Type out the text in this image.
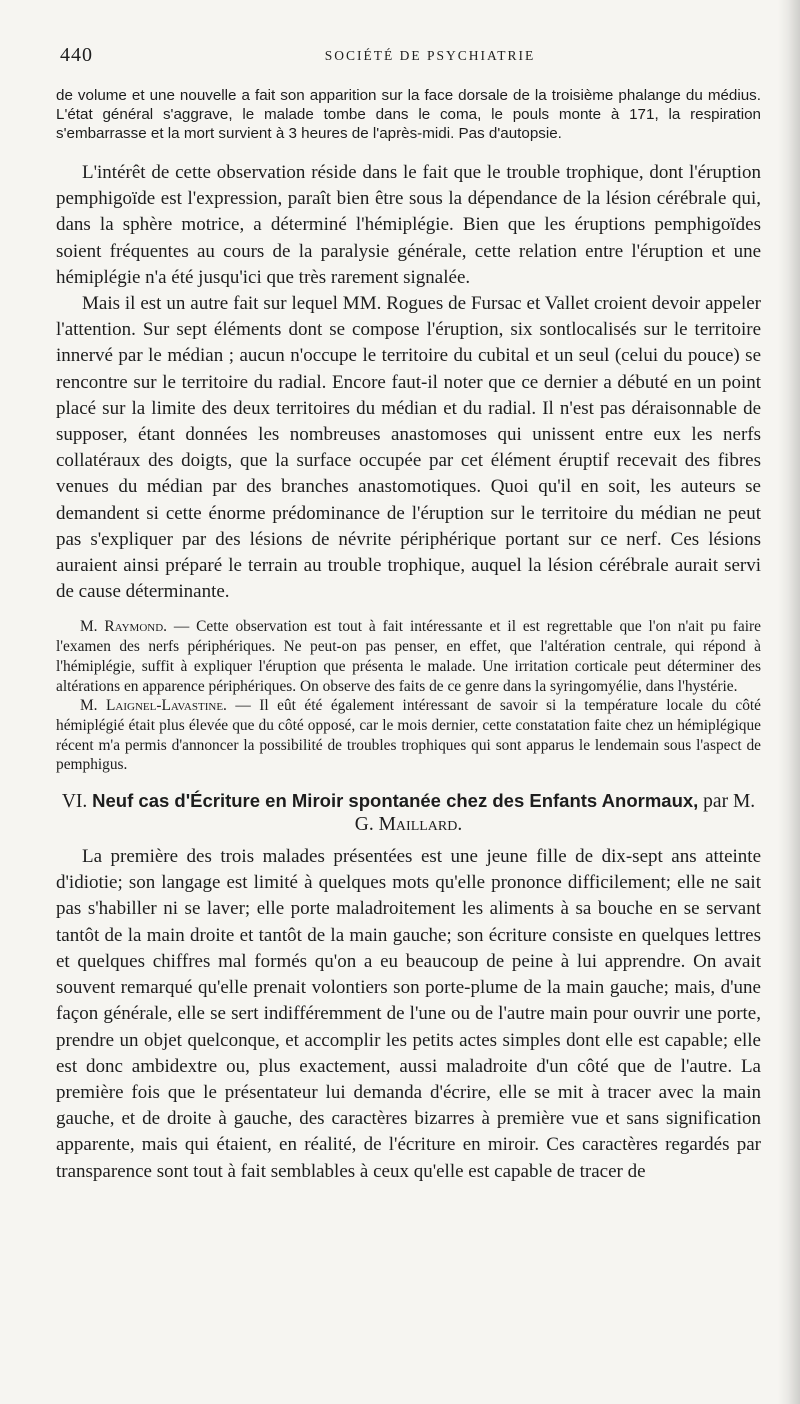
440	SOCIÉTÉ DE PSYCHIATRIE

de volume et une nouvelle a fait son apparition sur la face dorsale de la troisième phalange du médius. L'état général s'aggrave, le malade tombe dans le coma, le pouls monte à 171, la respiration s'embarrasse et la mort survient à 3 heures de l'après-midi. Pas d'autopsie.

L'intérêt de cette observation réside dans le fait que le trouble trophique, dont l'éruption pemphigoïde est l'expression, paraît bien être sous la dépendance de la lésion cérébrale qui, dans la sphère motrice, a déterminé l'hémiplégie. Bien que les éruptions pemphigoïdes soient fréquentes au cours de la paralysie générale, cette relation entre l'éruption et une hémiplégie n'a été jusqu'ici que très rarement signalée.

Mais il est un autre fait sur lequel MM. Rogues de Fursac et Vallet croient devoir appeler l'attention. Sur sept éléments dont se compose l'éruption, six sontlocalisés sur le territoire innervé par le médian ; aucun n'occupe le territoire du cubital et un seul (celui du pouce) se rencontre sur le territoire du radial. Encore faut-il noter que ce dernier a débuté en un point placé sur la limite des deux territoires du médian et du radial. Il n'est pas déraisonnable de supposer, étant données les nombreuses anastomoses qui unissent entre eux les nerfs collatéraux des doigts, que la surface occupée par cet élément éruptif recevait des fibres venues du médian par des branches anastomotiques. Quoi qu'il en soit, les auteurs se demandent si cette énorme prédominance de l'éruption sur le territoire du médian ne peut pas s'expliquer par des lésions de névrite périphérique portant sur ce nerf. Ces lésions auraient ainsi préparé le terrain au trouble trophique, auquel la lésion cérébrale aurait servi de cause déterminante.

M. Raymond. — Cette observation est tout à fait intéressante et il est regrettable que l'on n'ait pu faire l'examen des nerfs périphériques. Ne peut-on pas penser, en effet, que l'altération centrale, qui répond à l'hémiplégie, suffit à expliquer l'éruption que présenta le malade. Une irritation corticale peut déterminer des altérations en apparence périphériques. On observe des faits de ce genre dans la syringomyélie, dans l'hystérie.

M. Laignel-Lavastine. — Il eût été également intéressant de savoir si la température locale du côté hémiplégié était plus élevée que du côté opposé, car le mois dernier, cette constatation faite chez un hémiplégique récent m'a permis d'annoncer la possibilité de troubles trophiques qui sont apparus le lendemain sous l'aspect de pemphigus.

VI. Neuf cas d'Écriture en Miroir spontanée chez des Enfants Anormaux, par M. G. Maillard.

La première des trois malades présentées est une jeune fille de dix-sept ans atteinte d'idiotie; son langage est limité à quelques mots qu'elle prononce difficilement; elle ne sait pas s'habiller ni se laver; elle porte maladroitement les aliments à sa bouche en se servant tantôt de la main droite et tantôt de la main gauche; son écriture consiste en quelques lettres et quelques chiffres mal formés qu'on a eu beaucoup de peine à lui apprendre. On avait souvent remarqué qu'elle prenait volontiers son porte-plume de la main gauche; mais, d'une façon générale, elle se sert indifféremment de l'une ou de l'autre main pour ouvrir une porte, prendre un objet quelconque, et accomplir les petits actes simples dont elle est capable; elle est donc ambidextre ou, plus exactement, aussi maladroite d'un côté que de l'autre. La première fois que le présentateur lui demanda d'écrire, elle se mit à tracer avec la main gauche, et de droite à gauche, des caractères bizarres à première vue et sans signification apparente, mais qui étaient, en réalité, de l'écriture en miroir. Ces caractères regardés par transparence sont tout à fait semblables à ceux qu'elle est capable de tracer de
